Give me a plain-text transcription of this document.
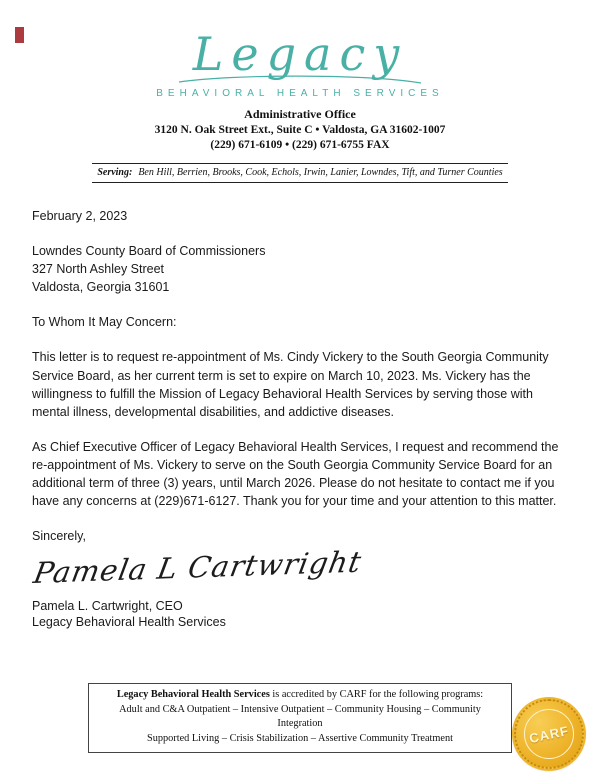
Legacy
BEHAVIORAL HEALTH SERVICES
Administrative Office
3120 N. Oak Street Ext., Suite C • Valdosta, GA 31602-1007
(229) 671-6109 • (229) 671-6755 FAX
Serving: Ben Hill, Berrien, Brooks, Cook, Echols, Irwin, Lanier, Lowndes, Tift, and Turner Counties
February 2, 2023
Lowndes County Board of Commissioners
327 North Ashley Street
Valdosta, Georgia 31601
To Whom It May Concern:

This letter is to request re-appointment of Ms. Cindy Vickery to the South Georgia Community Service Board, as her current term is set to expire on March 10, 2023. Ms. Vickery has the willingness to fulfill the Mission of Legacy Behavioral Health Services by serving those with mental illness, developmental disabilities, and addictive diseases.

As Chief Executive Officer of Legacy Behavioral Health Services, I request and recommend the re-appointment of Ms. Vickery to serve on the South Georgia Community Service Board for an additional term of three (3) years, until March 2026. Please do not hesitate to contact me if you have any concerns at (229)671-6127. Thank you for your time and your attention to this matter.

Sincerely,
Pamela L Cartwright
Pamela L. Cartwright, CEO
Legacy Behavioral Health Services
Legacy Behavioral Health Services is accredited by CARF for the following programs:
Adult and C&A Outpatient – Intensive Outpatient – Community Housing – Community Integration
Supported Living – Crisis Stabilization – Assertive Community Treatment	CARF
